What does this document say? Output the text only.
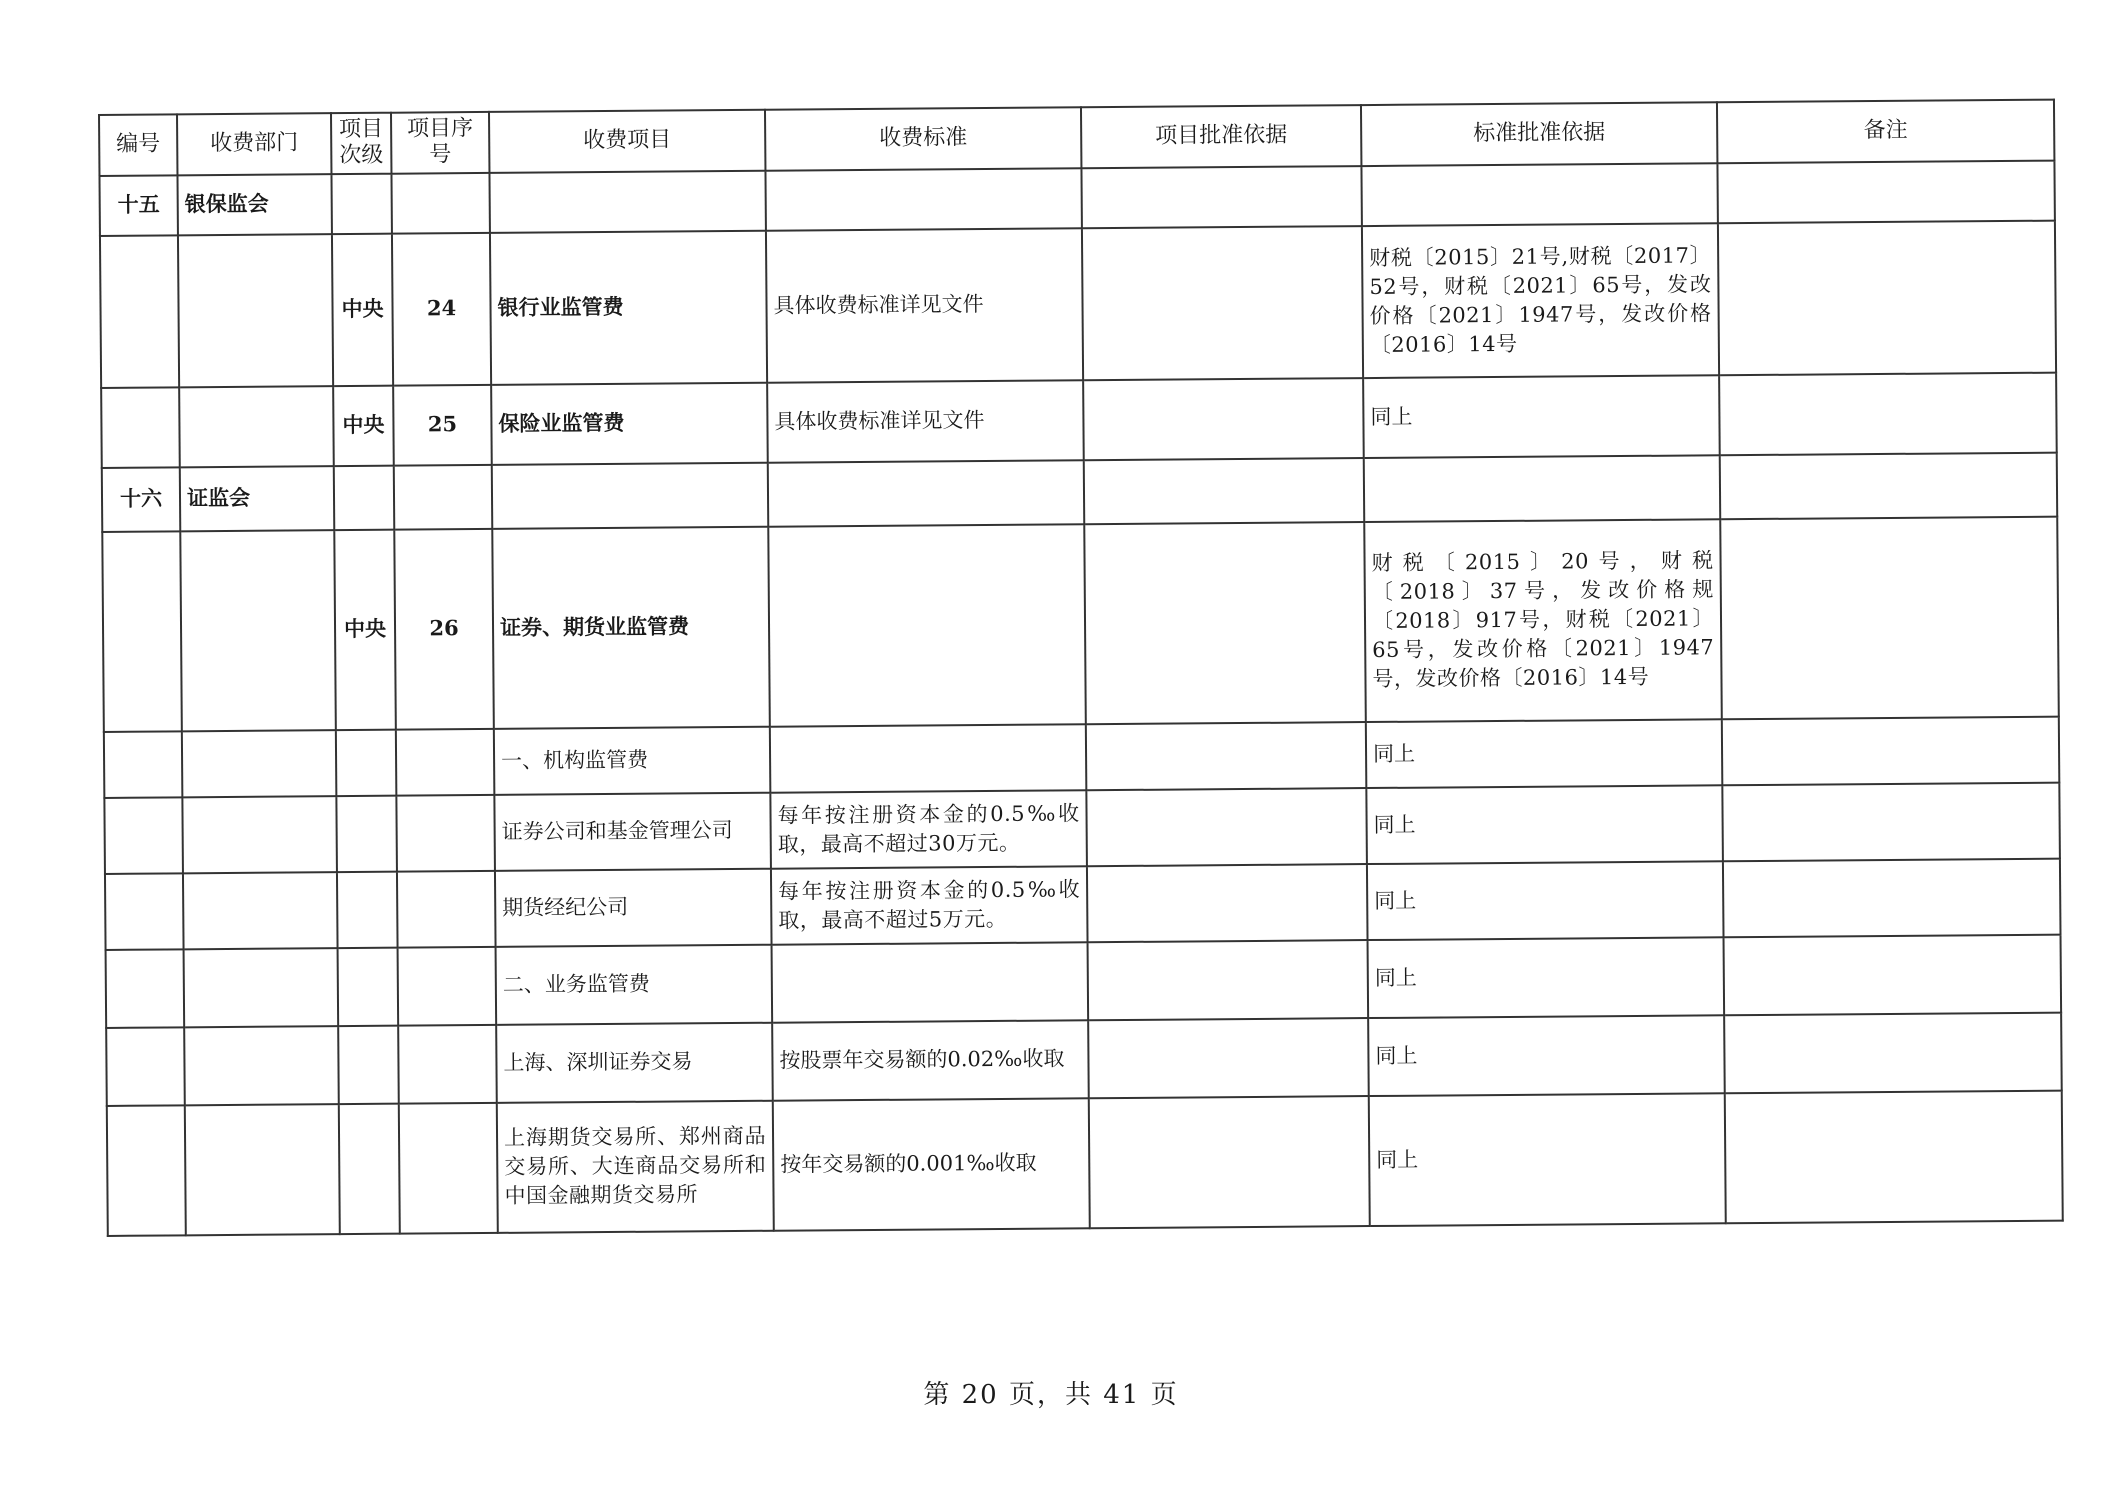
编号	收费部门	项目次级	项目序号	收费项目	收费标准	项目批准依据	标准批准依据	备注
十五	银保监会							
		中央	24	银行业监管费	具体收费标准详见文件		财税〔2015〕21号,财税〔2017〕52号，财税〔2021〕65号，发改价格〔2021〕1947号，发改价格〔2016〕14号	
		中央	25	保险业监管费	具体收费标准详见文件		同上	
十六	证监会							
		中央	26	证券、期货业监管费			财税〔2015〕20号，财税〔2018〕37号，发改价格规〔2018〕917号，财税〔2021〕65号，发改价格〔2021〕1947号，发改价格〔2016〕14号	
				一、机构监管费			同上	
				证券公司和基金管理公司	每年按注册资本金的0.5‰收取，最高不超过30万元。		同上	
				期货经纪公司	每年按注册资本金的0.5‰收取，最高不超过5万元。		同上	
				二、业务监管费			同上	
				上海、深圳证券交易	按股票年交易额的0.02‰收取		同上	
				上海期货交易所、郑州商品交易所、大连商品交易所和中国金融期货交易所	按年交易额的0.001‰收取		同上	
第 20 页，共 41 页
